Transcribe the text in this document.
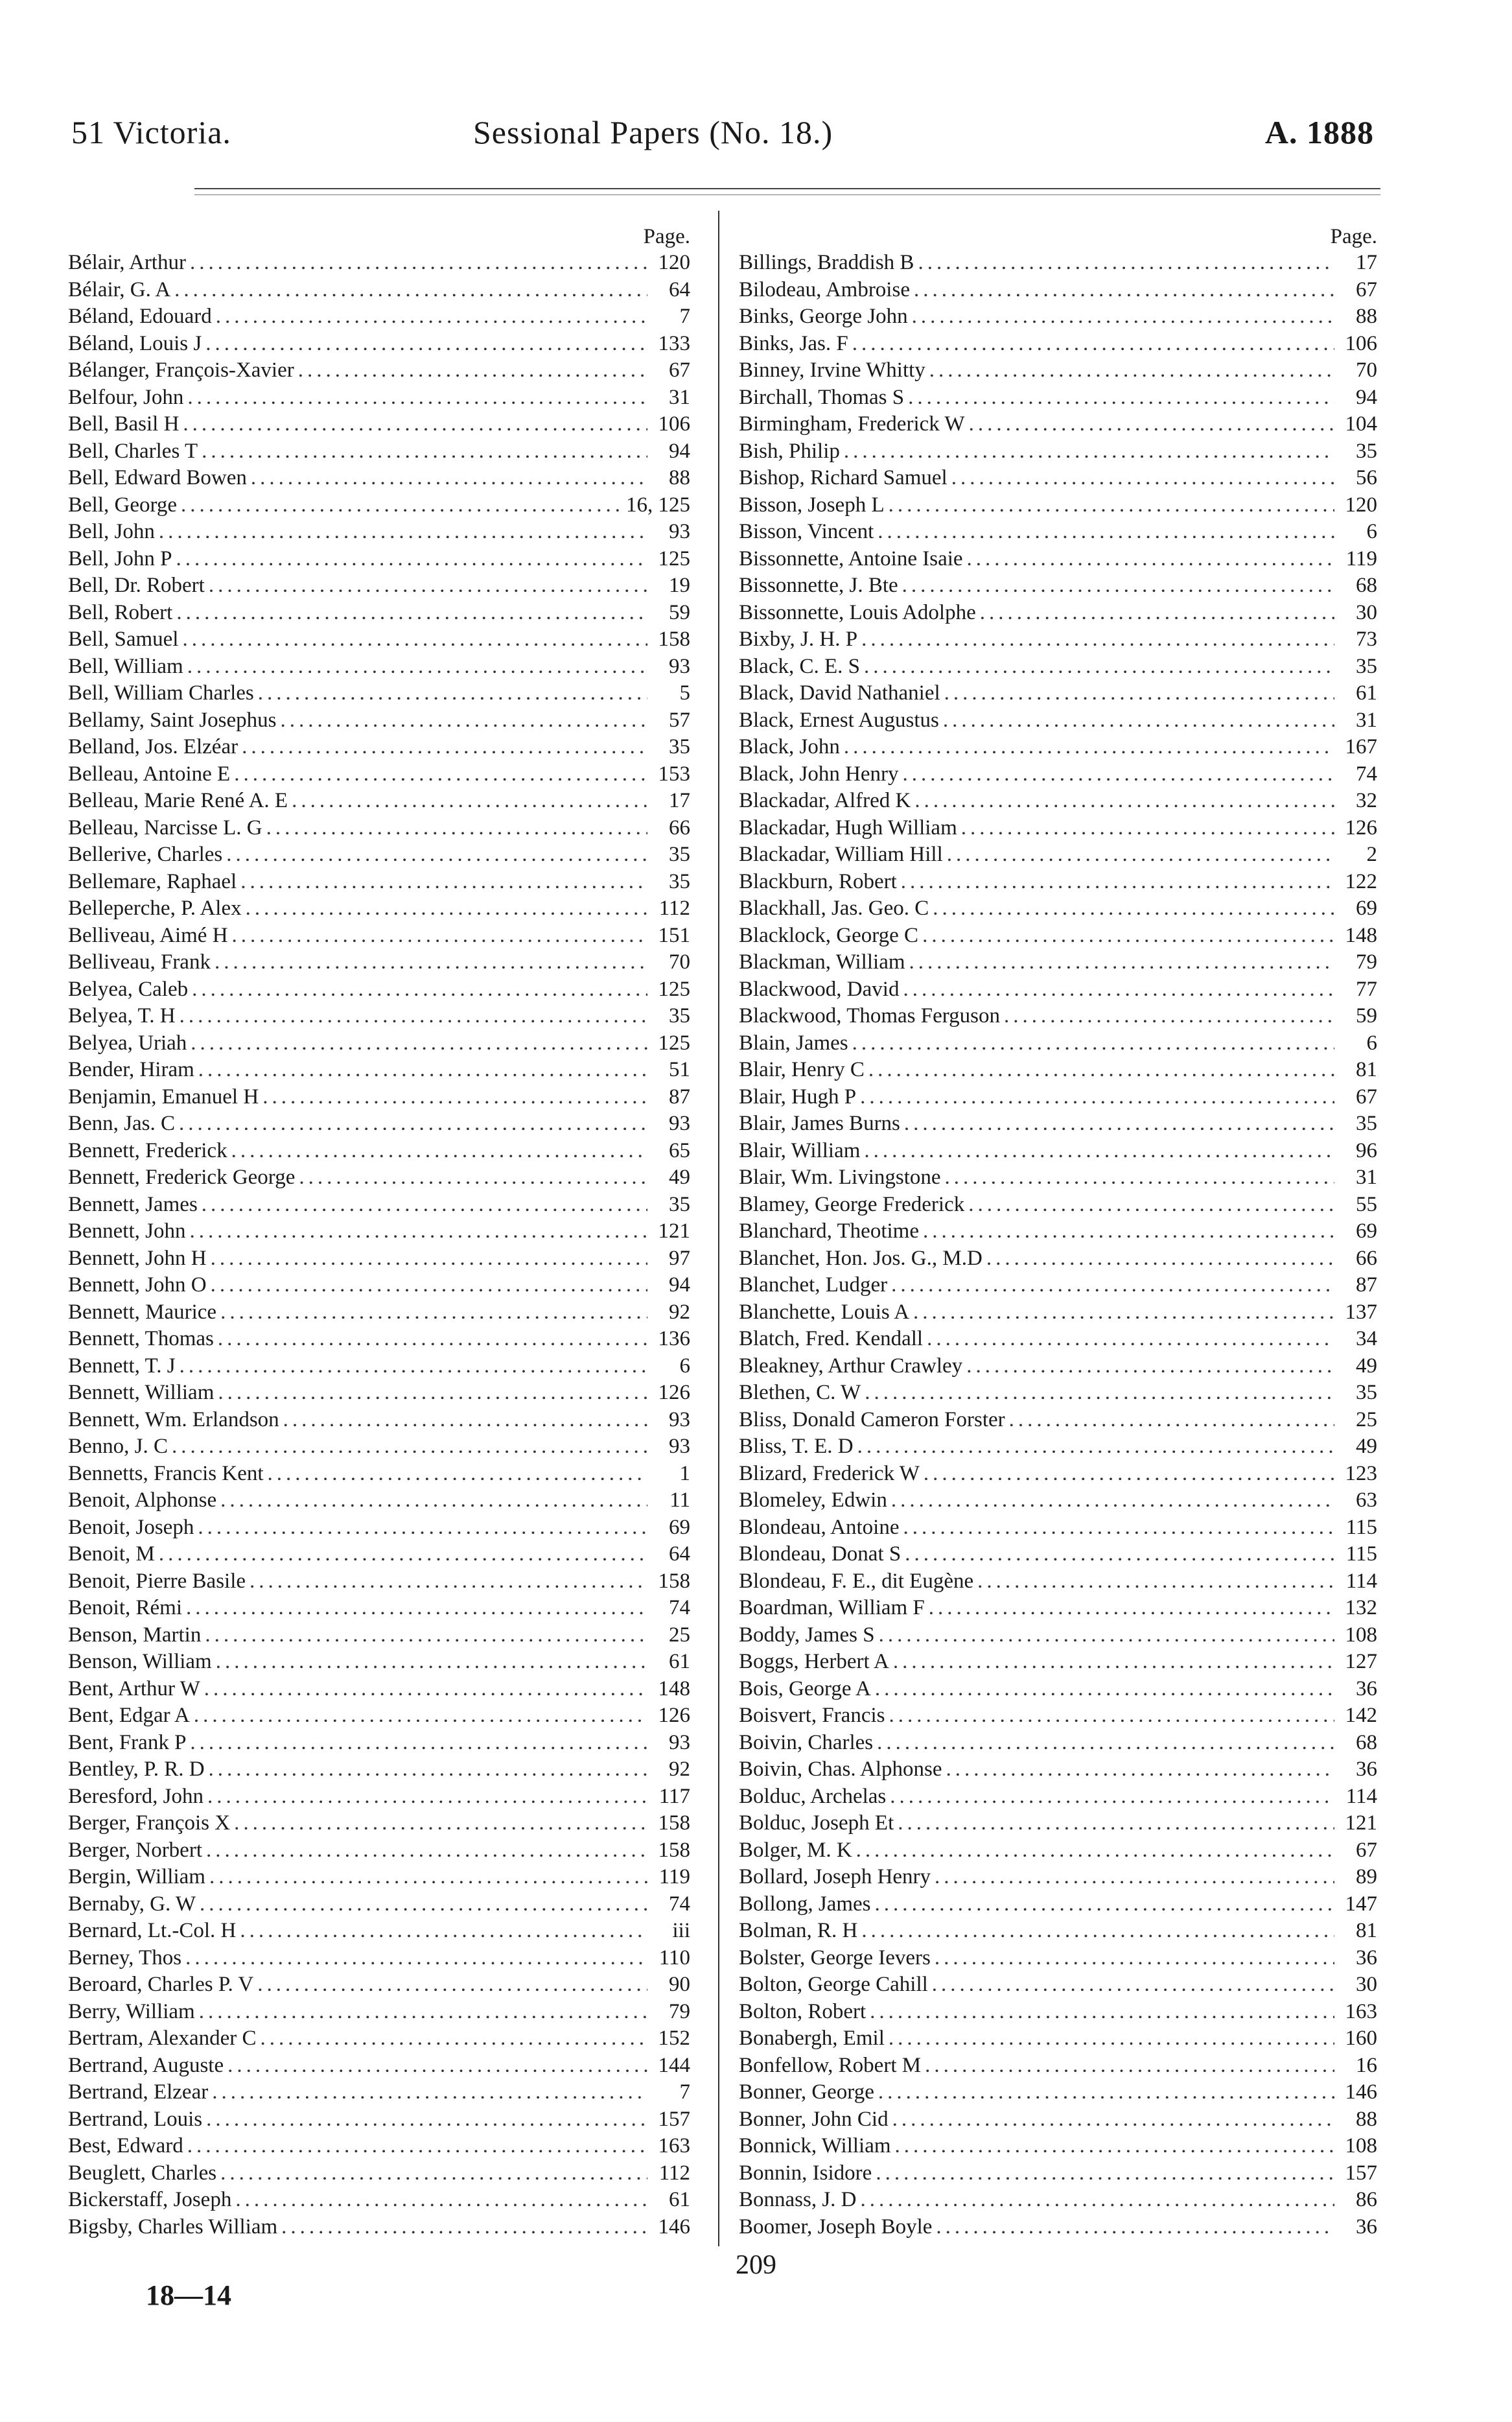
51 Victoria.	Sessional Papers (No. 18.)	A. 1888
Page.
Bélair, Arthur .....	120
Bélair, G. A .....	64
Béland, Edouard .....	7
Béland, Louis J .....	133
Bélanger, François-Xavier .....	67
Belfour, John .....	31
Bell, Basil H .....	106
Bell, Charles T .....	94
Bell, Edward Bowen .....	88
Bell, George .....	16, 125
Bell, John .....	93
Bell, John P .....	125
Bell, Dr. Robert .....	19
Bell, Robert .....	59
Bell, Samuel .....	158
Bell, William .....	93
Bell, William Charles .....	5
Bellamy, Saint Josephus .....	57
Belland, Jos. Elzéar .....	35
Belleau, Antoine E .....	153
Belleau, Marie René A. E .....	17
Belleau, Narcisse L. G .....	66
Bellerive, Charles .....	35
Bellemare, Raphael .....	35
Belleperche, P. Alex .....	112
Belliveau, Aimé H .....	151
Belliveau, Frank .....	70
Belyea, Caleb .....	125
Belyea, T. H .....	35
Belyea, Uriah .....	125
Bender, Hiram .....	51
Benjamin, Emanuel H .....	87
Benn, Jas. C .....	93
Bennett, Frederick .....	65
Bennett, Frederick George .....	49
Bennett, James .....	35
Bennett, John .....	121
Bennett, John H .....	97
Bennett, John O .....	94
Bennett, Maurice .....	92
Bennett, Thomas .....	136
Bennett, T. J .....	6
Bennett, William .....	126
Bennett, Wm. Erlandson .....	93
Benno, J. C .....	93
Bennetts, Francis Kent .....	1
Benoit, Alphonse .....	11
Benoit, Joseph .....	69
Benoit, M .....	64
Benoit, Pierre Basile .....	158
Benoit, Rémi .....	74
Benson, Martin .....	25
Benson, William .....	61
Bent, Arthur W .....	148
Bent, Edgar A .....	126
Bent, Frank P .....	93
Bentley, P. R. D .....	92
Beresford, John .....	117
Berger, François X .....	158
Berger, Norbert .....	158
Bergin, William .....	119
Bernaby, G. W .....	74
Bernard, Lt.-Col. H .....	iii
Berney, Thos .....	110
Beroard, Charles P. V .....	90
Berry, William .....	79
Bertram, Alexander C .....	152
Bertrand, Auguste .....	144
Bertrand, Elzear .....	7
Bertrand, Louis .....	157
Best, Edward .....	163
Beuglett, Charles .....	112
Bickerstaff, Joseph .....	61
Bigsby, Charles William .....	146
Page.
Billings, Braddish B .....	17
Bilodeau, Ambroise .....	67
Binks, George John .....	88
Binks, Jas. F .....	106
Binney, Irvine Whitty .....	70
Birchall, Thomas S .....	94
Birmingham, Frederick W .....	104
Bish, Philip .....	35
Bishop, Richard Samuel .....	56
Bisson, Joseph L .....	120
Bisson, Vincent .....	6
Bissonnette, Antoine Isaie .....	119
Bissonnette, J. Bte .....	68
Bissonnette, Louis Adolphe .....	30
Bixby, J. H. P .....	73
Black, C. E. S .....	35
Black, David Nathaniel .....	61
Black, Ernest Augustus .....	31
Black, John .....	167
Black, John Henry .....	74
Blackadar, Alfred K .....	32
Blackadar, Hugh William .....	126
Blackadar, William Hill .....	2
Blackburn, Robert .....	122
Blackhall, Jas. Geo. C .....	69
Blacklock, George C .....	148
Blackman, William .....	79
Blackwood, David .....	77
Blackwood, Thomas Ferguson .....	59
Blain, James .....	6
Blair, Henry C .....	81
Blair, Hugh P .....	67
Blair, James Burns .....	35
Blair, William .....	96
Blair, Wm. Livingstone .....	31
Blamey, George Frederick .....	55
Blanchard, Theotime .....	69
Blanchet, Hon. Jos. G., M.D .....	66
Blanchet, Ludger .....	87
Blanchette, Louis A .....	137
Blatch, Fred. Kendall .....	34
Bleakney, Arthur Crawley .....	49
Blethen, C. W .....	35
Bliss, Donald Cameron Forster .....	25
Bliss, T. E. D .....	49
Blizard, Frederick W .....	123
Blomeley, Edwin .....	63
Blondeau, Antoine .....	115
Blondeau, Donat S .....	115
Blondeau, F. E., dit Eugène .....	114
Boardman, William F .....	132
Boddy, James S .....	108
Boggs, Herbert A .....	127
Bois, George A .....	36
Boisvert, Francis .....	142
Boivin, Charles .....	68
Boivin, Chas. Alphonse .....	36
Bolduc, Archelas .....	114
Bolduc, Joseph Et .....	121
Bolger, M. K .....	67
Bollard, Joseph Henry .....	89
Bollong, James .....	147
Bolman, R. H .....	81
Bolster, George Ievers .....	36
Bolton, George Cahill .....	30
Bolton, Robert .....	163
Bonabergh, Emil .....	160
Bonfellow, Robert M .....	16
Bonner, George .....	146
Bonner, John Cid .....	88
Bonnick, William .....	108
Bonnin, Isidore .....	157
Bonnass, J. D .....	86
Boomer, Joseph Boyle .....	36
209
18—14
